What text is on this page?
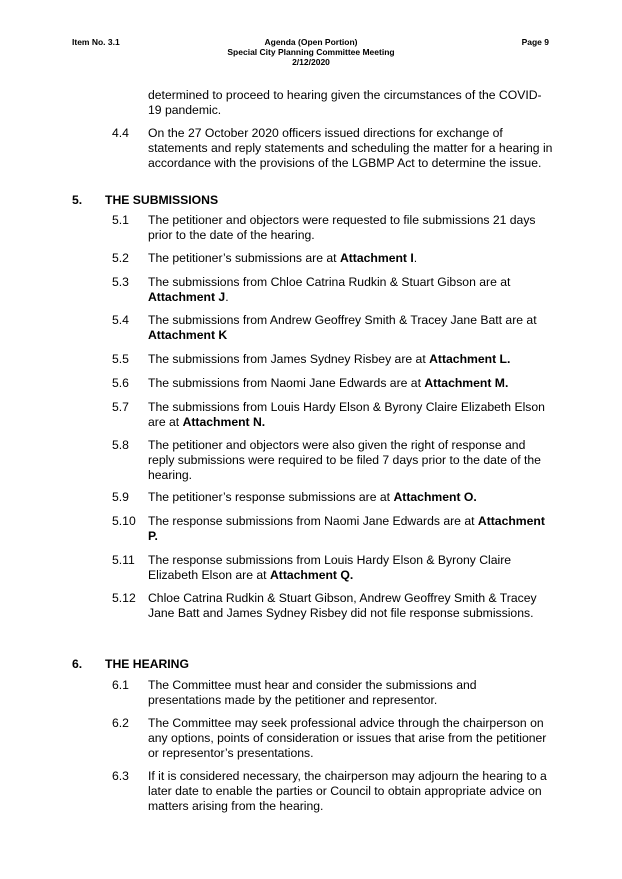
Item No. 3.1	Agenda (Open Portion)
Special City Planning Committee Meeting
2/12/2020
Page 9
determined to proceed to hearing given the circumstances of the COVID-19 pandemic.
4.4 On the 27 October 2020 officers issued directions for exchange of statements and reply statements and scheduling the matter for a hearing in accordance with the provisions of the LGBMP Act to determine the issue.
5. THE SUBMISSIONS
5.1 The petitioner and objectors were requested to file submissions 21 days prior to the date of the hearing.
5.2 The petitioner’s submissions are at Attachment I.
5.3 The submissions from Chloe Catrina Rudkin & Stuart Gibson are at Attachment J.
5.4 The submissions from Andrew Geoffrey Smith & Tracey Jane Batt are at Attachment K
5.5 The submissions from James Sydney Risbey are at Attachment L.
5.6 The submissions from Naomi Jane Edwards are at Attachment M.
5.7 The submissions from Louis Hardy Elson & Byrony Claire Elizabeth Elson are at Attachment N.
5.8 The petitioner and objectors were also given the right of response and reply submissions were required to be filed 7 days prior to the date of the hearing.
5.9 The petitioner’s response submissions are at Attachment O.
5.10 The response submissions from Naomi Jane Edwards are at Attachment P.
5.11 The response submissions from Louis Hardy Elson & Byrony Claire Elizabeth Elson are at Attachment Q.
5.12 Chloe Catrina Rudkin & Stuart Gibson, Andrew Geoffrey Smith & Tracey Jane Batt and James Sydney Risbey did not file response submissions.
6. THE HEARING
6.1 The Committee must hear and consider the submissions and presentations made by the petitioner and representor.
6.2 The Committee may seek professional advice through the chairperson on any options, points of consideration or issues that arise from the petitioner or representor’s presentations.
6.3 If it is considered necessary, the chairperson may adjourn the hearing to a later date to enable the parties or Council to obtain appropriate advice on matters arising from the hearing.
